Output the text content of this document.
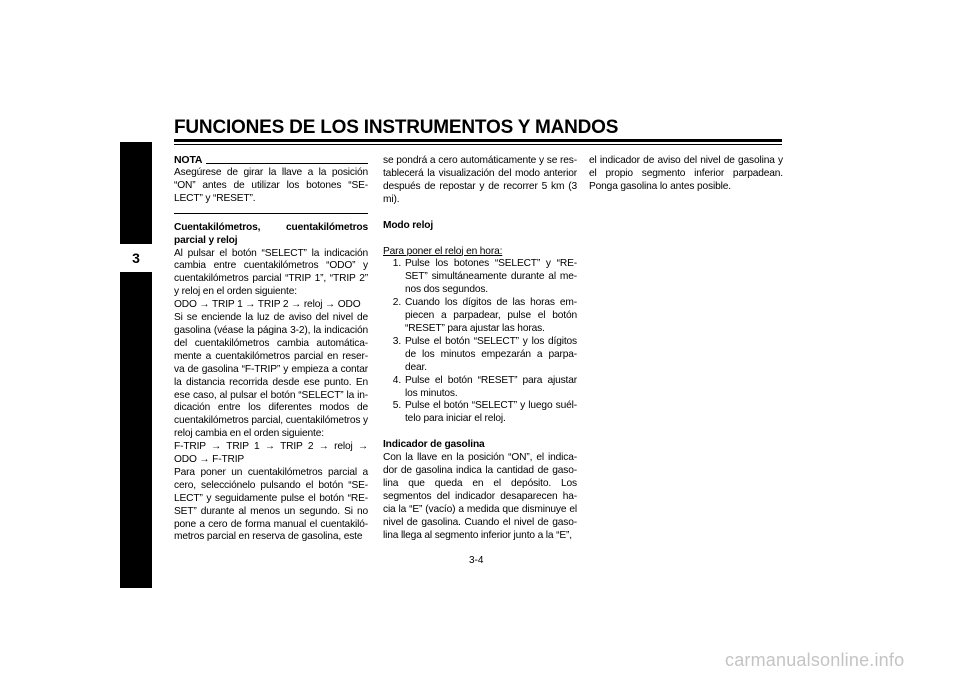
FUNCIONES DE LOS INSTRUMENTOS Y MANDOS
3
NOTA

Asegúrese de girar la llave a la posición “ON” antes de utilizar los botones “SE-LECT” y “RESET”.

Cuentakilómetros, cuentakilómetros parcial y reloj

Al pulsar el botón “SELECT” la indicación cambia entre cuentakilómetros “ODO” y cuentakilómetros parcial “TRIP 1”, “TRIP 2” y reloj en el orden siguiente:

ODO → TRIP 1 → TRIP 2 → reloj → ODO

Si se enciende la luz de aviso del nivel de gasolina (véase la página 3-2), la indicación del cuentakilómetros cambia automática-mente a cuentakilómetros parcial en reser-va de gasolina “F-TRIP” y empieza a contar la distancia recorrida desde ese punto. En ese caso, al pulsar el botón “SELECT” la in-dicación entre los diferentes modos de cuentakilómetros parcial, cuentakilómetros y reloj cambia en el orden siguiente:

F-TRIP → TRIP 1 → TRIP 2 → reloj → ODO → F-TRIP

Para poner un cuentakilómetros parcial a cero, selecciónelo pulsando el botón “SE-LECT” y seguidamente pulse el botón “RE-SET” durante al menos un segundo. Si no pone a cero de forma manual el cuentakiló-metros parcial en reserva de gasolina, este

se pondrá a cero automáticamente y se res-tablecerá la visualización del modo anterior después de repostar y de recorrer 5 km (3 mi).

Modo reloj

Para poner el reloj en hora:

1. Pulse los botones “SELECT” y “RE-SET” simultáneamente durante al me-nos dos segundos.
2. Cuando los dígitos de las horas em-piecen a parpadear, pulse el botón “RESET” para ajustar las horas.
3. Pulse el botón “SELECT” y los dígitos de los minutos empezarán a parpa-dear.
4. Pulse el botón “RESET” para ajustar los minutos.
5. Pulse el botón “SELECT” y luego suél-telo para iniciar el reloj.

Indicador de gasolina

Con la llave en la posición “ON”, el indica-dor de gasolina indica la cantidad de gaso-lina que queda en el depósito. Los segmentos del indicador desaparecen ha-cia la “E” (vacío) a medida que disminuye el nivel de gasolina. Cuando el nivel de gaso-lina llega al segmento inferior junto a la “E”,

el indicador de aviso del nivel de gasolina y el propio segmento inferior parpadean. Ponga gasolina lo antes posible.

3-4
carmanualsonline.info
